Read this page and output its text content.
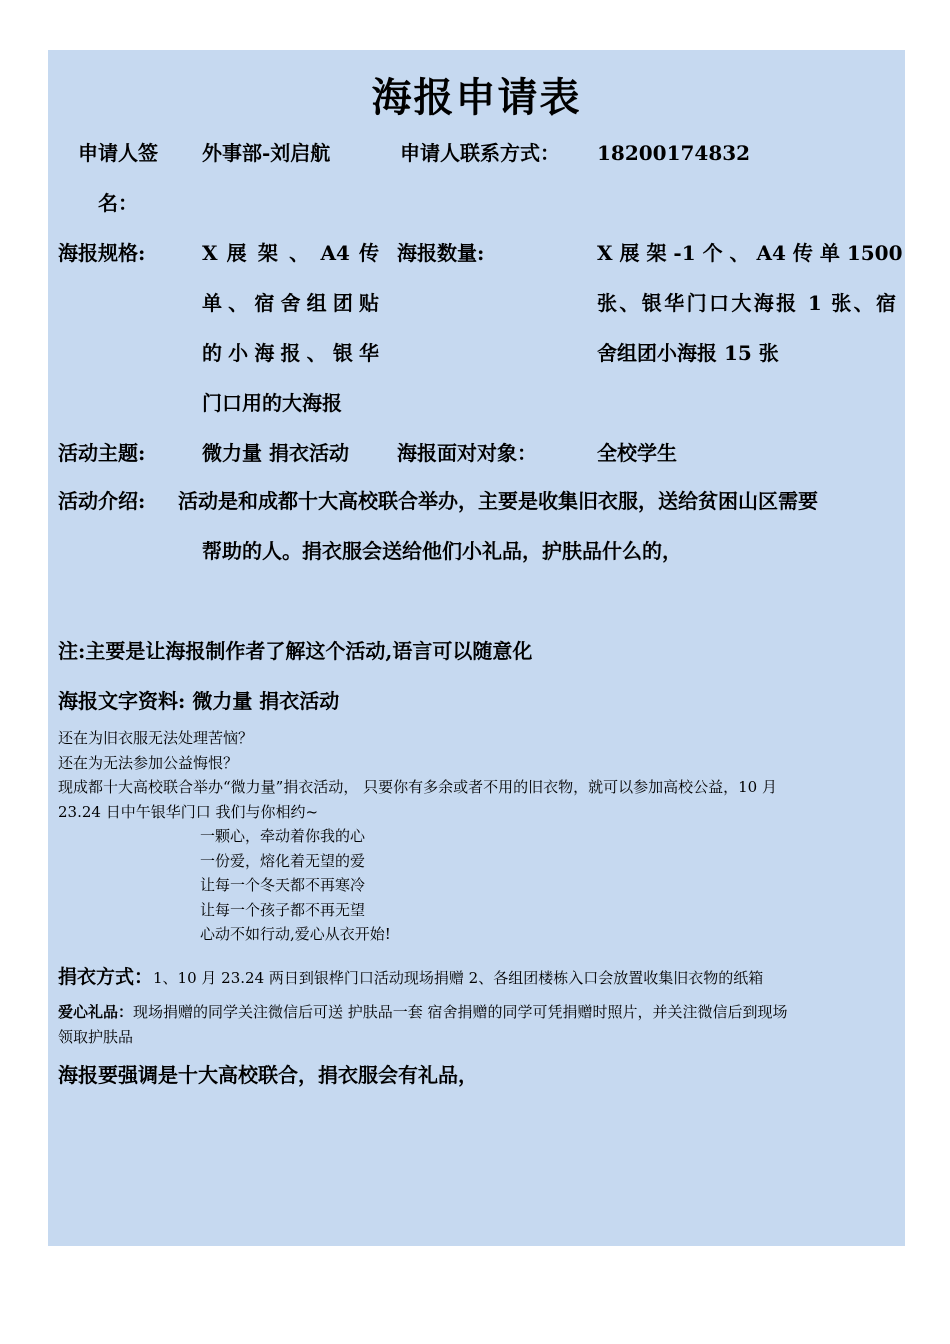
海报申请表
申请人签
名：
外事部-刘启航	申请人联系方式： 18200174832
海报规格:	X 展 架 、 A4 传
单、宿舍组团贴
的小海报、银华
门口用的大海报
海报数量:	X 展 架 -1 个 、 A4 传 单 1500
张、银华门口大海报 1 张、宿
舍组团小海报 15 张
活动主题:	微力量 捐衣活动 海报面对对象：	全校学生
活动介绍: 活动是和成都十大高校联合举办，主要是收集旧衣服，送给贫困山区需要
帮助的人。捐衣服会送给他们小礼品，护肤品什么的，
注:主要是让海报制作者了解这个活动,语言可以随意化
海报文字资料: 微力量 捐衣活动
还在为旧衣服无法处理苦恼？
还在为无法参加公益悔恨？
现成都十大高校联合举办“微力量”捐衣活动， 只要你有多余或者不用的旧衣物，就可以参加高校公益，10 月
23.24 日中午银华门口 我们与你相约~
一颗心，牵动着你我的心
一份爱，熔化着无望的爱
让每一个冬天都不再寒冷
让每一个孩子都不再无望
心动不如行动,爱心从衣开始!
捐衣方式：1、10 月 23.24 两日到银桦门口活动现场捐赠 2、各组团楼栋入口会放置收集旧衣物的纸箱
爱心礼品：现场捐赠的同学关注微信后可送 护肤品一套 宿舍捐赠的同学可凭捐赠时照片，并关注微信后到现场
领取护肤品
海报要强调是十大高校联合，捐衣服会有礼品，
